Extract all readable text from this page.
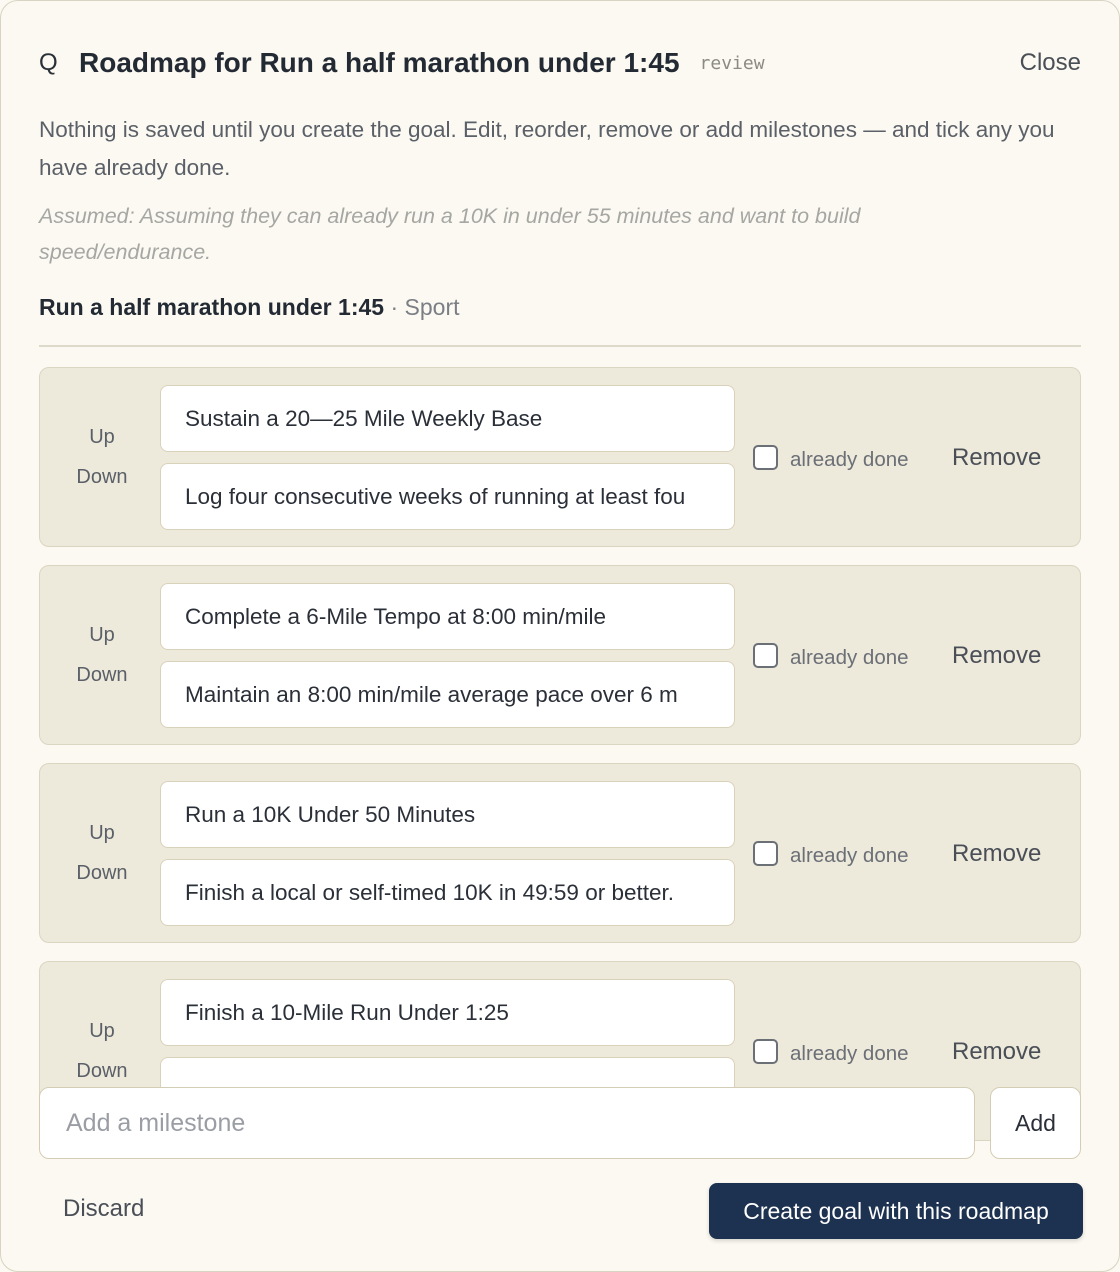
Q Roadmap for Run a half marathon under 1:45 review	Close
Nothing is saved until you create the goal. Edit, reorder, remove or add milestones — and tick any you have already done.
Assumed: Assuming they can already run a 10K in under 55 minutes and want to build speed/endurance.
Run a half marathon under 1:45 · Sport
Up
Down
Sustain a 20—25 Mile Weekly Base
Log four consecutive weeks of running at least fou
already done Remove
Up
Down
Complete a 6-Mile Tempo at 8:00 min/mile
Maintain an 8:00 min/mile average pace over 6 m
already done Remove
Up
Down
Run a 10K Under 50 Minutes
Finish a local or self-timed 10K in 49:59 or better.
already done Remove
Up
Down
Finish a 10-Mile Run Under 1:25
already done Remove
Add a milestone
Add
Discard	Create goal with this roadmap
